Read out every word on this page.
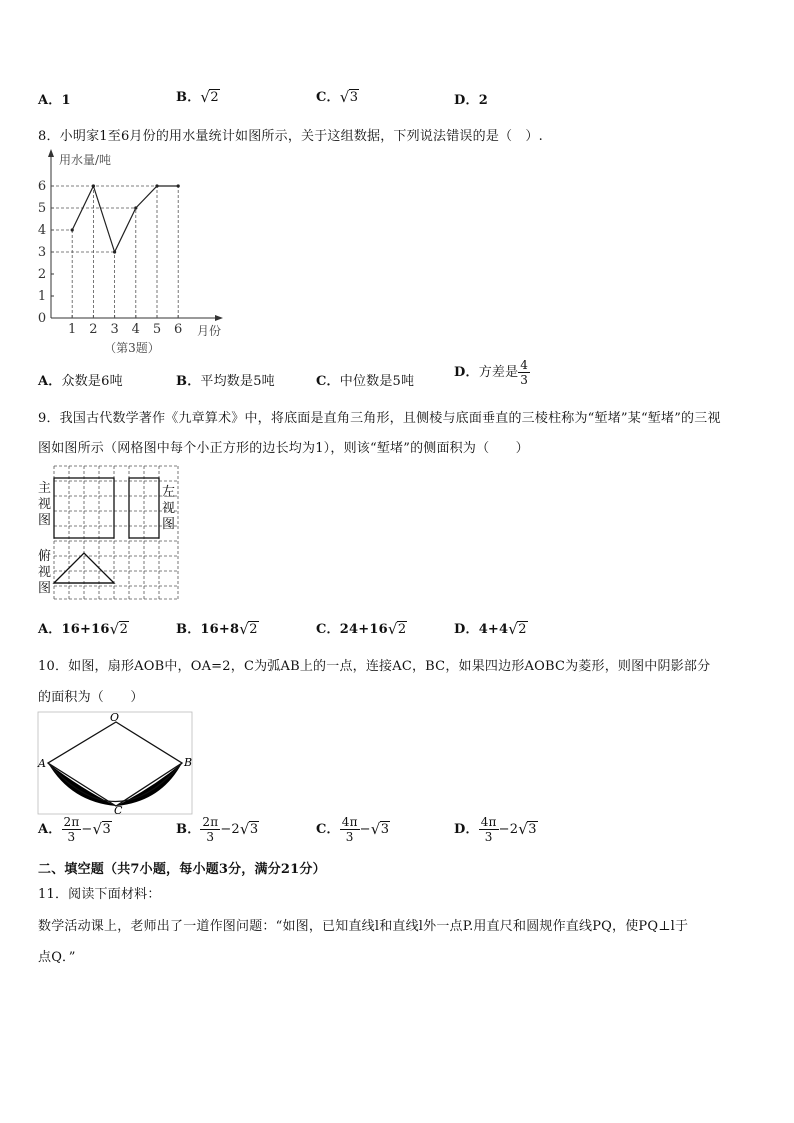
A．1	B． √ 2	C． √ 3	D．2
8．小明家1至6月份的用水量统计如图所示，关于这组数据，下列说法错误的是（　）.
0
1
2
3
4
5
6
1 2 3 4 5 6
用水量/吨
月份
（第3题）
A．众数是6吨	B．平均数是5吨	C．中位数是5吨
D．方差是 $\frac{4}{3}$
9．我国古代数学著作《九章算术》中，将底面是直角三角形，且侧棱与底面垂直的三棱柱称为“堑堵”某“堑堵”的三视
图如图所示（网格图中每个小正方形的边长均为1），则该“堑堵”的侧面积为（　　）
主
视
图
左
视
图
俯
视
图
A．16+16 √ 2	B．16+8 √ 2	C．24+16 √ 2	D．4+4 √ 2
10．如图，扇形AOB中，OA=2，C为弧AB上的一点，连接AC，BC，如果四边形AOBC为菱形，则图中阴影部分
的面积为（　　）
O
A	B
C
A． $\frac{2\pi}{3}$ − √ 3	B． $\frac{2\pi}{3} -2$ √ 3	C． $\frac{4\pi}{3}$ − √ 3	D． $\frac{4\pi}{3} -2$ √ 3
二、填空题（共7小题，每小题3分，满分21分）
11．阅读下面材料：
数学活动课上，老师出了一道作图问题：“如图，已知直线l和直线l外一点P.用直尺和圆规作直线PQ，使PQ⊥l于
点Q．”
